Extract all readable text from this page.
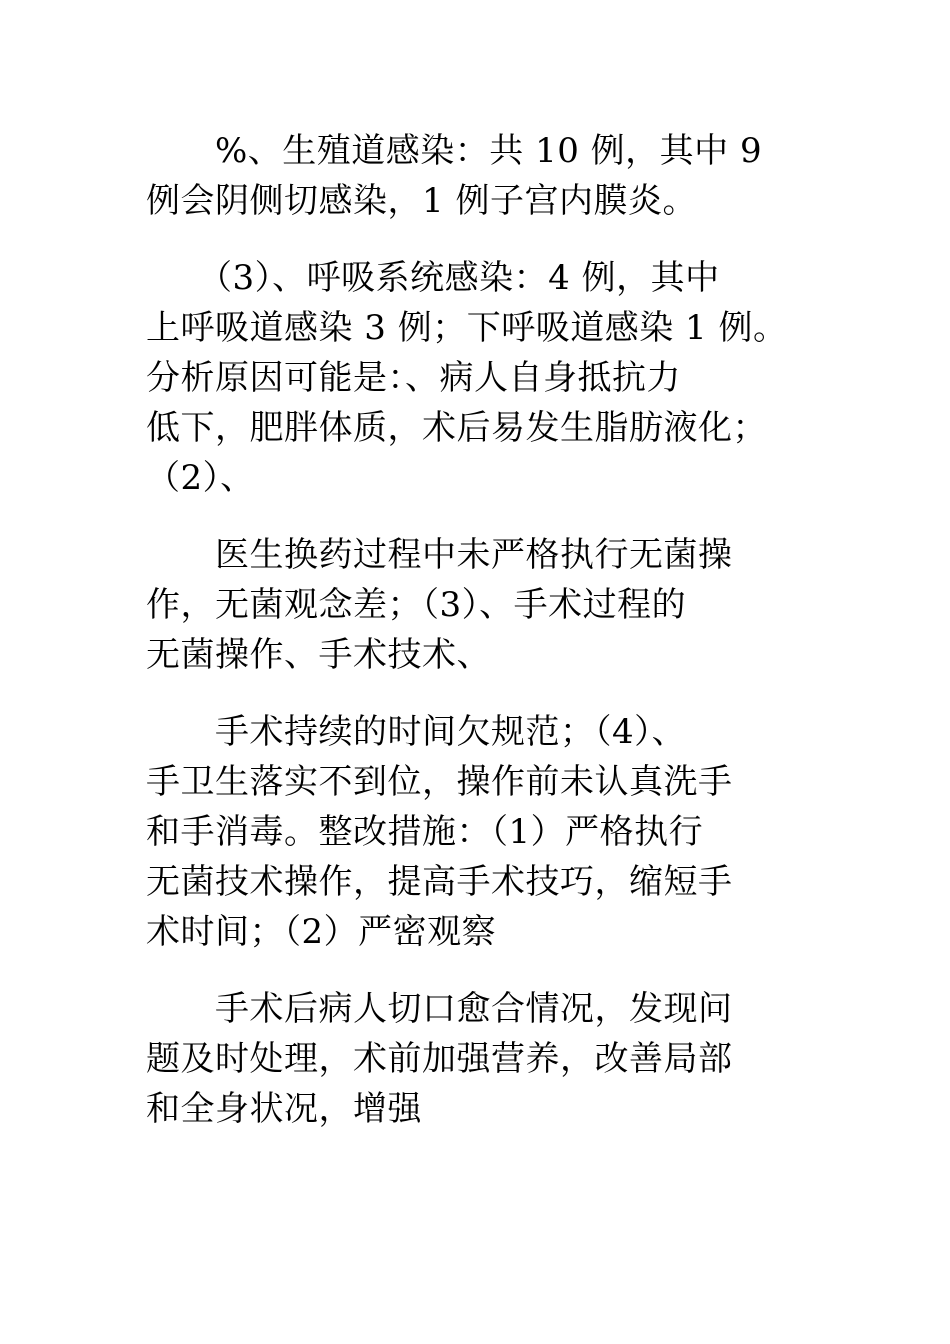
　　%、生殖道感染：共 10 例，其中 9
例会阴侧切感染，1 例子宫内膜炎。
　　（3）、呼吸系统感染：4 例，其中
上呼吸道感染 3 例；下呼吸道感染 1 例。
分析原因可能是：、病人自身抵抗力
低下，肥胖体质，术后易发生脂肪液化；
（2）、
　　医生换药过程中未严格执行无菌操
作，无菌观念差；（3）、手术过程的
无菌操作、手术技术、
　　手术持续的时间欠规范；（4）、
手卫生落实不到位，操作前未认真洗手
和手消毒。整改措施：（1）严格执行
无菌技术操作，提高手术技巧，缩短手
术时间；（2）严密观察
　　手术后病人切口愈合情况，发现问
题及时处理，术前加强营养，改善局部
和全身状况，增强
